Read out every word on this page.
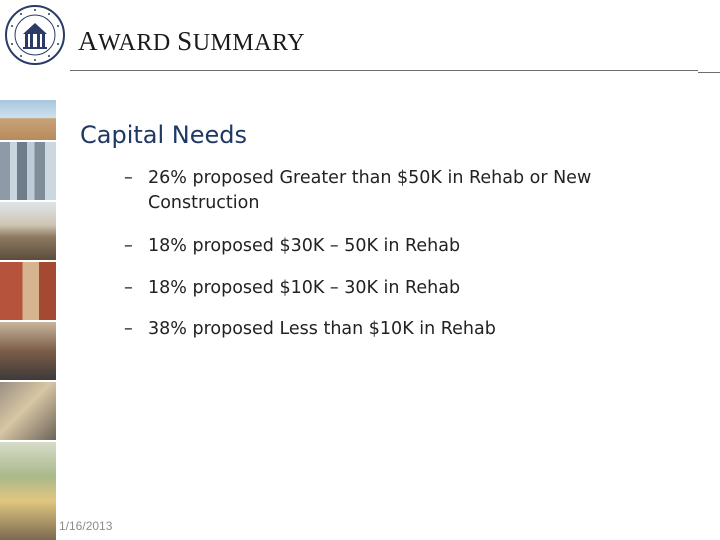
AWARD SUMMARY
Capital Needs
– 26% proposed Greater than $50K in Rehab or New Construction
– 18% proposed $30K – 50K in Rehab
– 18% proposed $10K – 30K in Rehab
– 38% proposed Less than $10K in Rehab
1/16/2013
